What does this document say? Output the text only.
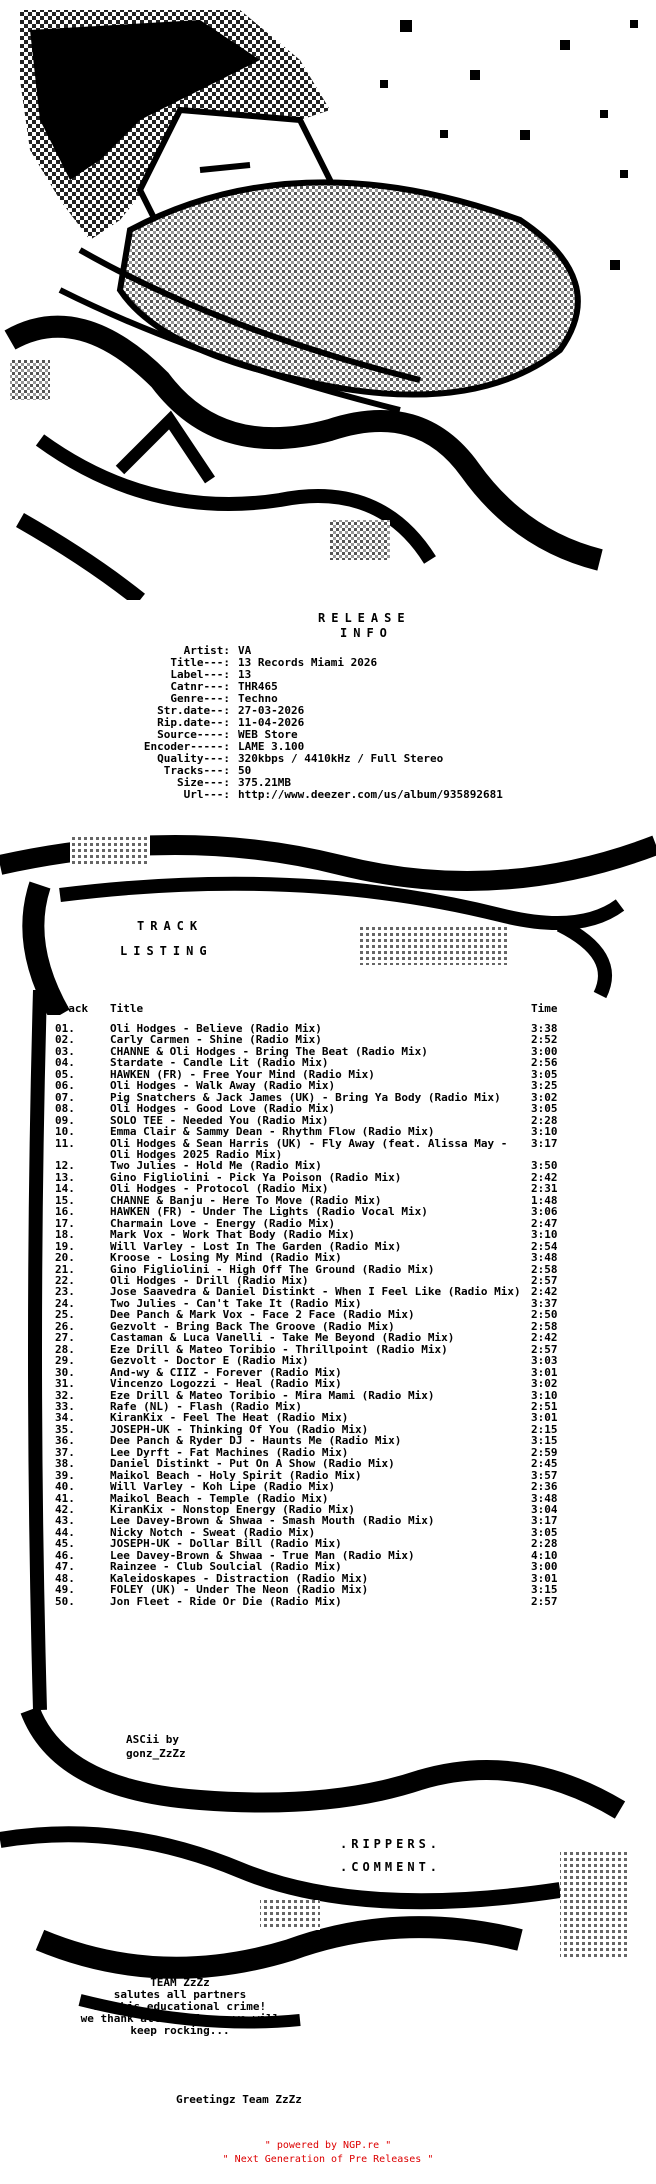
RELEASE
INFO
Artist: VA
Title---: 13 Records Miami 2026
Label---: 13
Catnr---: THR465
Genre---: Techno
Str.date--: 27-03-2026
Rip.date--: 11-04-2026
Source----: WEB Store
Encoder-----: LAME 3.100
Quality---: 320kbps / 4410kHz / Full Stereo
Tracks---: 50
Size---: 375.21MB
Url---: http://www.deezer.com/us/album/935892681
TRACK
LISTING
Track	Title	Time
01.	Oli Hodges - Believe (Radio Mix)	3:38
02.	Carly Carmen - Shine (Radio Mix)	2:52
03.	CHANNE & Oli Hodges - Bring The Beat (Radio Mix)	3:00
04.	Stardate - Candle Lit (Radio Mix)	2:56
05.	HAWKEN (FR) - Free Your Mind (Radio Mix)	3:05
06.	Oli Hodges - Walk Away (Radio Mix)	3:25
07.	Pig Snatchers & Jack James (UK) - Bring Ya Body (Radio Mix)	3:02
08.	Oli Hodges - Good Love (Radio Mix)	3:05
09.	SOLO TEE - Needed You (Radio Mix)	2:28
10.	Emma Clair & Sammy Dean - Rhythm Flow (Radio Mix)	3:10
11.	Oli Hodges & Sean Harris (UK) - Fly Away (feat. Alissa May - Oli Hodges 2025 Radio Mix)
3:17
12.	Two Julies - Hold Me (Radio Mix)	3:50
13.	Gino Figliolini - Pick Ya Poison (Radio Mix)	2:42
14.	Oli Hodges - Protocol (Radio Mix)	2:31
15.	CHANNE & Banju - Here To Move (Radio Mix)	1:48
16.	HAWKEN (FR) - Under The Lights (Radio Vocal Mix)	3:06
17.	Charmain Love - Energy (Radio Mix)	2:47
18.	Mark Vox - Work That Body (Radio Mix)	3:10
19.	Will Varley - Lost In The Garden (Radio Mix)	2:54
20.	Kroose - Losing My Mind (Radio Mix)	3:48
21.	Gino Figliolini - High Off The Ground (Radio Mix)	2:58
22.	Oli Hodges - Drill (Radio Mix)	2:57
23.	Jose Saavedra & Daniel Distinkt - When I Feel Like (Radio Mix) 2:42
24.	Two Julies - Can't Take It (Radio Mix)	3:37
25.	Dee Panch & Mark Vox - Face 2 Face (Radio Mix)	2:50
26.	Gezvolt - Bring Back The Groove (Radio Mix)	2:58
27.	Castaman & Luca Vanelli - Take Me Beyond (Radio Mix)	2:42
28.	Eze Drill & Mateo Toribio - Thrillpoint (Radio Mix)	2:57
29.	Gezvolt - Doctor E (Radio Mix)	3:03
30.	And-wy & CIIZ - Forever (Radio Mix)	3:01
31.	Vincenzo Logozzi - Heal (Radio Mix)	3:02
32.	Eze Drill & Mateo Toribio - Mira Mami (Radio Mix)	3:10
33.	Rafe (NL) - Flash (Radio Mix)	2:51
34.	KiranKix - Feel The Heat (Radio Mix)	3:01
35.	JOSEPH-UK - Thinking Of You (Radio Mix)	2:15
36.	Dee Panch & Ryder DJ - Haunts Me (Radio Mix)	3:15
37.	Lee Dyrft - Fat Machines (Radio Mix)	2:59
38.	Daniel Distinkt - Put On A Show (Radio Mix)	2:45
39.	Maikol Beach - Holy Spirit (Radio Mix)	3:57
40.	Will Varley - Koh Lipe (Radio Mix)	2:36
41.	Maikol Beach - Temple (Radio Mix)	3:48
42.	KiranKix - Nonstop Energy (Radio Mix)	3:04
43.	Lee Davey-Brown & Shwaa - Smash Mouth (Radio Mix)	3:17
44.	Nicky Notch - Sweat (Radio Mix)	3:05
45.	JOSEPH-UK - Dollar Bill (Radio Mix)	2:28
46.	Lee Davey-Brown & Shwaa - True Man (Radio Mix)	4:10
47.	Rainzee - Club Soulcial (Radio Mix)	3:00
48.	Kaleidoskapes - Distraction (Radio Mix)	3:01
49.	FOLEY (UK) - Under The Neon (Radio Mix)	3:15
50.	Jon Fleet - Ride Or Die (Radio Mix)	2:57
ASCii by
gonz_ZzZz
.RIPPERS.
.COMMENT.
TEAM ZzZz
salutes all partners
in this educational crime!
we thank all the fans, we will
keep rocking...
Greetingz Team ZzZz
" powered by NGP.re "
" Next Generation of Pre Releases "
